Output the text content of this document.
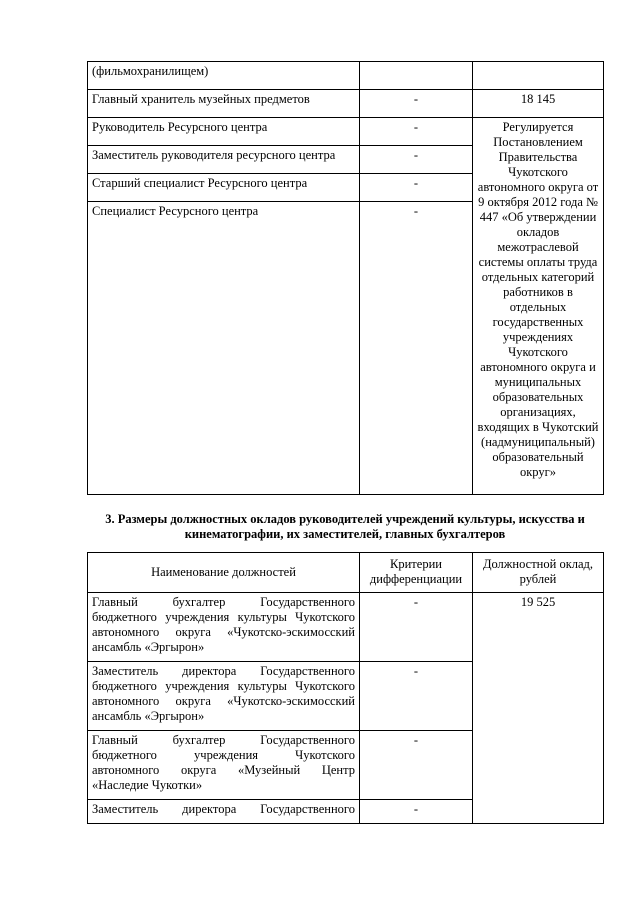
(фильмохранилищем)		
Главный хранитель музейных предметов	-	18 145
Руководитель Ресурсного центра	-	Регулируется Постановлением Правительства Чукотского автономного округа от 9 октября 2012 года № 447 «Об утверждении окладов межотраслевой системы оплаты труда отдельных категорий работников в отдельных государственных учреждениях Чукотского автономного округа и муниципальных образовательных организациях, входящих в Чукотский (надмуниципальный) образовательный округ»
Заместитель руководителя ресурсного центра	-	
Старший специалист Ресурсного центра	-	
Специалист Ресурсного центра	-	
3. Размеры должностных окладов руководителей учреждений культуры, искусства и кинематографии, их заместителей, главных бухгалтеров
Наименование должностей	Критерии дифференциации	Должностной оклад, рублей
Главный бухгалтер Государственного бюджетного учреждения культуры Чукотского автономного округа «Чукотско-эскимосский ансамбль «Эргырон»	-	19 525
Заместитель директора Государственного бюджетного учреждения культуры Чукотского автономного округа «Чукотско-эскимосский ансамбль «Эргырон»	-	
Главный бухгалтер Государственного бюджетного учреждения Чукотского автономного округа «Музейный Центр «Наследие Чукотки»	-	
Заместитель директора Государственного	-	
